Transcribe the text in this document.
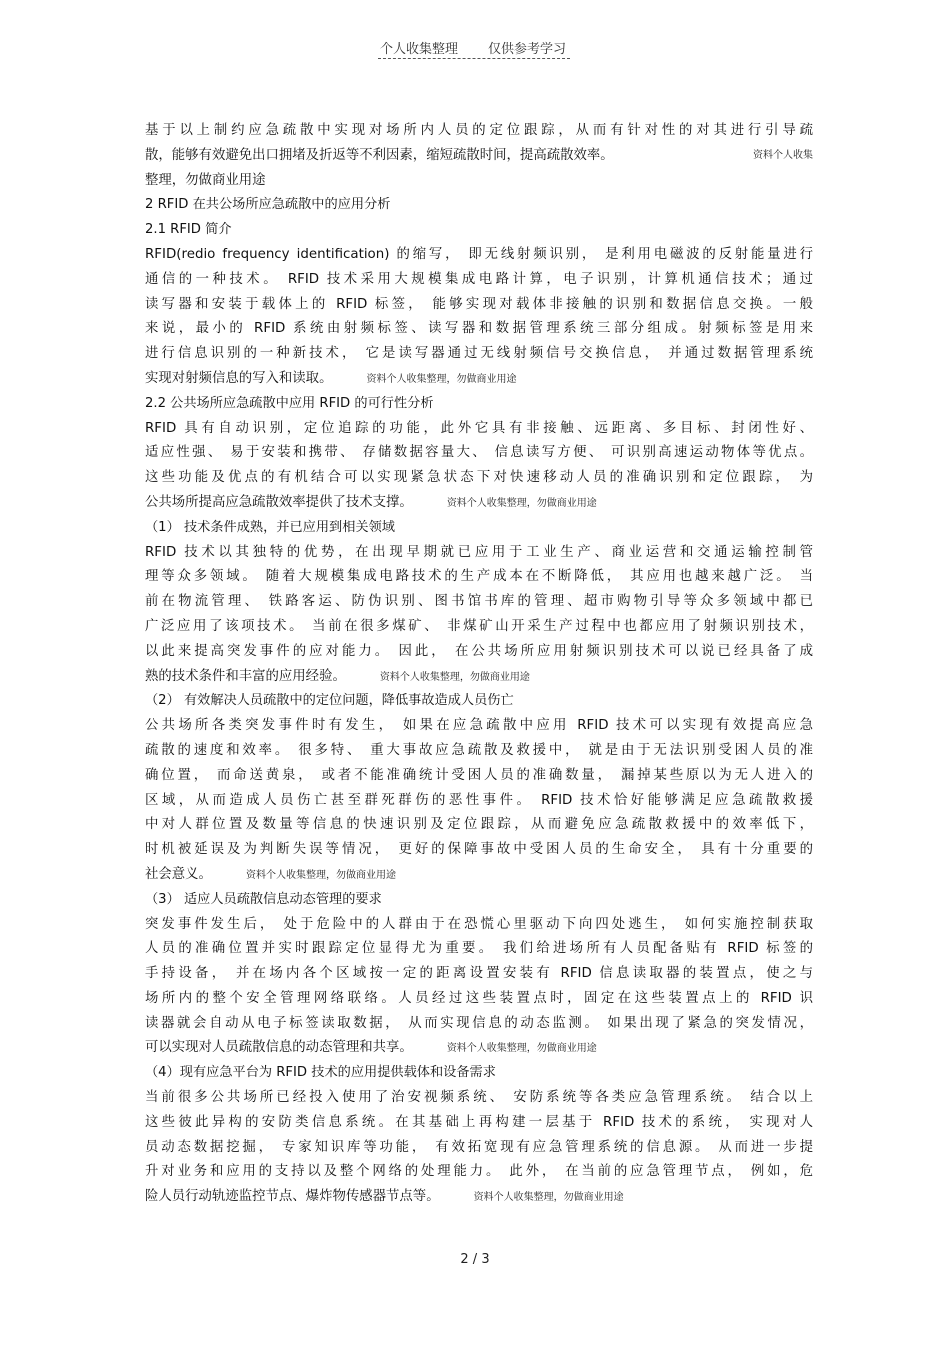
个人收集整理 仅供参考学习
基于以上制约应急疏散中实现对场所内人员的定位跟踪，从而有针对性的对其进行引导疏
散，能够有效避免出口拥堵及折返等不利因素，缩短疏散时间，提高疏散效率。	资料个人收集
整理，勿做商业用途
2 RFID 在共公场所应急疏散中的应用分析
2.1 RFID 简介
RFID(redio frequency identification) 的缩写， 即无线射频识别， 是利用电磁波的反射能量进行
通信的一种技术。 RFID 技术采用大规模集成电路计算，电子识别，计算机通信技术；通过
读写器和安装于载体上的 RFID 标签， 能够实现对载体非接触的识别和数据信息交换。一般
来说，最小的 RFID 系统由射频标签、读写器和数据管理系统三部分组成。射频标签是用来
进行信息识别的一种新技术， 它是读写器通过无线射频信号交换信息， 并通过数据管理系统
实现对射频信息的写入和读取。	资料个人收集整理，勿做商业用途
2.2 公共场所应急疏散中应用 RFID 的可行性分析
RFID 具有自动识别，定位追踪的功能，此外它具有非接触、远距离、多目标、封闭性好、
适应性强、 易于安装和携带、 存储数据容量大、 信息读写方便、 可识别高速运动物体等优点。
这些功能及优点的有机结合可以实现紧急状态下对快速移动人员的准确识别和定位跟踪， 为
公共场所提高应急疏散效率提供了技术支撑。	资料个人收集整理，勿做商业用途
（1） 技术条件成熟，并已应用到相关领域
RFID 技术以其独特的优势，在出现早期就已应用于工业生产、商业运营和交通运输控制管
理等众多领域。 随着大规模集成电路技术的生产成本在不断降低， 其应用也越来越广泛。 当
前在物流管理、 铁路客运、防伪识别、图书馆书库的管理、超市购物引导等众多领域中都已
广泛应用了该项技术。 当前在很多煤矿、 非煤矿山开采生产过程中也都应用了射频识别技术，
以此来提高突发事件的应对能力。 因此， 在公共场所应用射频识别技术可以说已经具备了成
熟的技术条件和丰富的应用经验。	资料个人收集整理，勿做商业用途
（2） 有效解决人员疏散中的定位问题，降低事故造成人员伤亡
公共场所各类突发事件时有发生， 如果在应急疏散中应用 RFID 技术可以实现有效提高应急
疏散的速度和效率。 很多特、 重大事故应急疏散及救援中， 就是由于无法识别受困人员的准
确位置， 而命送黄泉， 或者不能准确统计受困人员的准确数量， 漏掉某些原以为无人进入的
区域，从而造成人员伤亡甚至群死群伤的恶性事件。 RFID 技术恰好能够满足应急疏散救援
中对人群位置及数量等信息的快速识别及定位跟踪，从而避免应急疏散救援中的效率低下，
时机被延误及为判断失误等情况， 更好的保障事故中受困人员的生命安全， 具有十分重要的
社会意义。	资料个人收集整理，勿做商业用途
（3） 适应人员疏散信息动态管理的要求
突发事件发生后， 处于危险中的人群由于在恐慌心里驱动下向四处逃生， 如何实施控制获取
人员的准确位置并实时跟踪定位显得尤为重要。 我们给进场所有人员配备贴有 RFID 标签的
手持设备， 并在场内各个区域按一定的距离设置安装有 RFID 信息读取器的装置点，使之与
场所内的整个安全管理网络联络。人员经过这些装置点时，固定在这些装置点上的 RFID 识
读器就会自动从电子标签读取数据， 从而实现信息的动态监测。 如果出现了紧急的突发情况，
可以实现对人员疏散信息的动态管理和共享。	资料个人收集整理，勿做商业用途
（4）现有应急平台为 RFID 技术的应用提供载体和设备需求
当前很多公共场所已经投入使用了治安视频系统、 安防系统等各类应急管理系统。 结合以上
这些彼此异构的安防类信息系统。在其基础上再构建一层基于 RFID 技术的系统， 实现对人
员动态数据挖掘， 专家知识库等功能， 有效拓宽现有应急管理系统的信息源。 从而进一步提
升对业务和应用的支持以及整个网络的处理能力。 此外， 在当前的应急管理节点， 例如，危
险人员行动轨迹监控节点、爆炸物传感器节点等。	资料个人收集整理，勿做商业用途
2 / 3
